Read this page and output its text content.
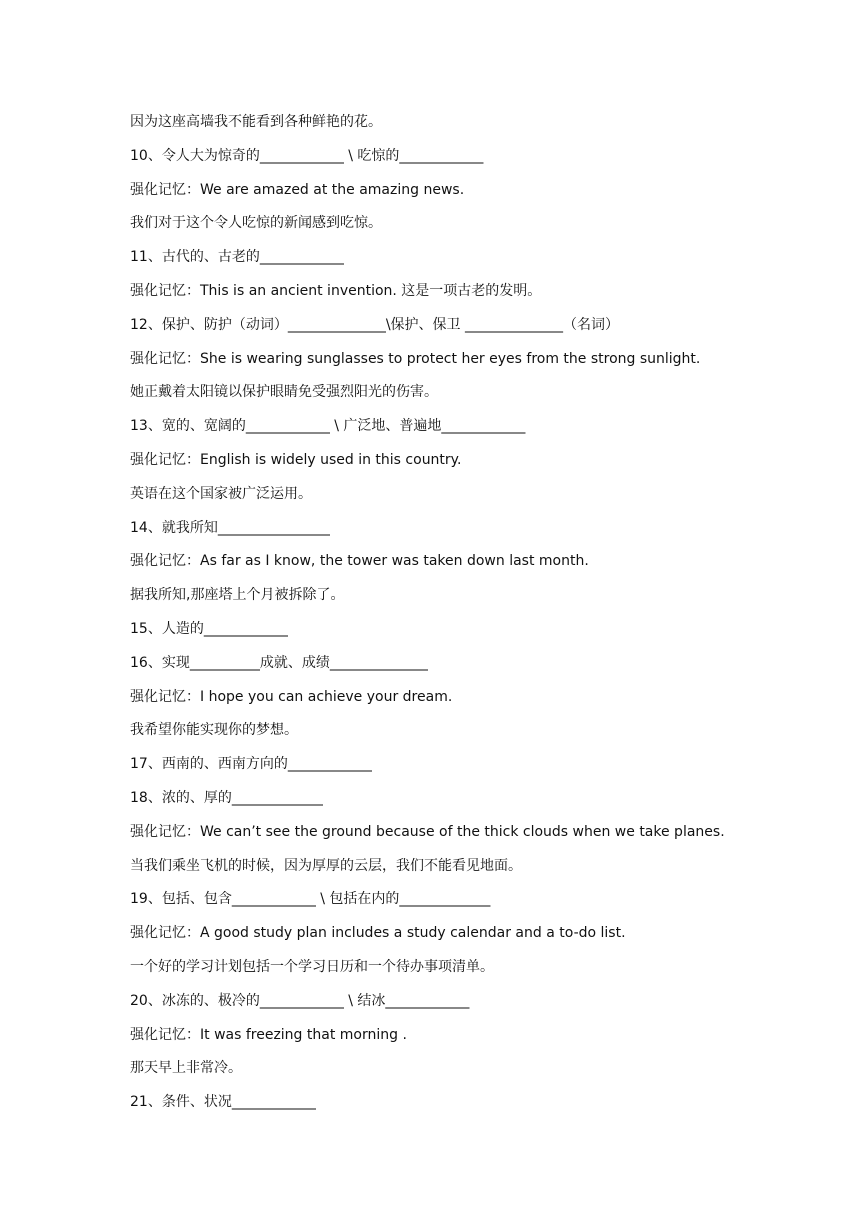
因为这座高墙我不能看到各种鲜艳的花。
10、令人大为惊奇的____________ \ 吃惊的____________
强化记忆：We are amazed at the amazing news.
我们对于这个令人吃惊的新闻感到吃惊。
11、古代的、古老的____________
强化记忆：This is an ancient invention. 这是一项古老的发明。
12、保护、防护（动词）______________\保护、保卫 ______________（名词）
强化记忆：She is wearing sunglasses to protect her eyes from the strong sunlight.
她正戴着太阳镜以保护眼睛免受强烈阳光的伤害。
13、宽的、宽阔的____________ \ 广泛地、普遍地____________
强化记忆：English is widely used in this country.
英语在这个国家被广泛运用。
14、就我所知________________
强化记忆：As far as I know, the tower was taken down last month.
据我所知,那座塔上个月被拆除了。
15、人造的____________
16、实现__________成就、成绩______________
强化记忆：I hope you can achieve your dream.
我希望你能实现你的梦想。
17、西南的、西南方向的____________
18、浓的、厚的_____________
强化记忆：We can’t see the ground because of the thick clouds when we take planes.
当我们乘坐飞机的时候，因为厚厚的云层，我们不能看见地面。
19、包括、包含____________ \ 包括在内的_____________
强化记忆：A good study plan includes a study calendar and a to-do list.
一个好的学习计划包括一个学习日历和一个待办事项清单。
20、冰冻的、极冷的____________ \ 结冰____________
强化记忆：It was freezing that morning .
那天早上非常冷。
21、条件、状况____________
